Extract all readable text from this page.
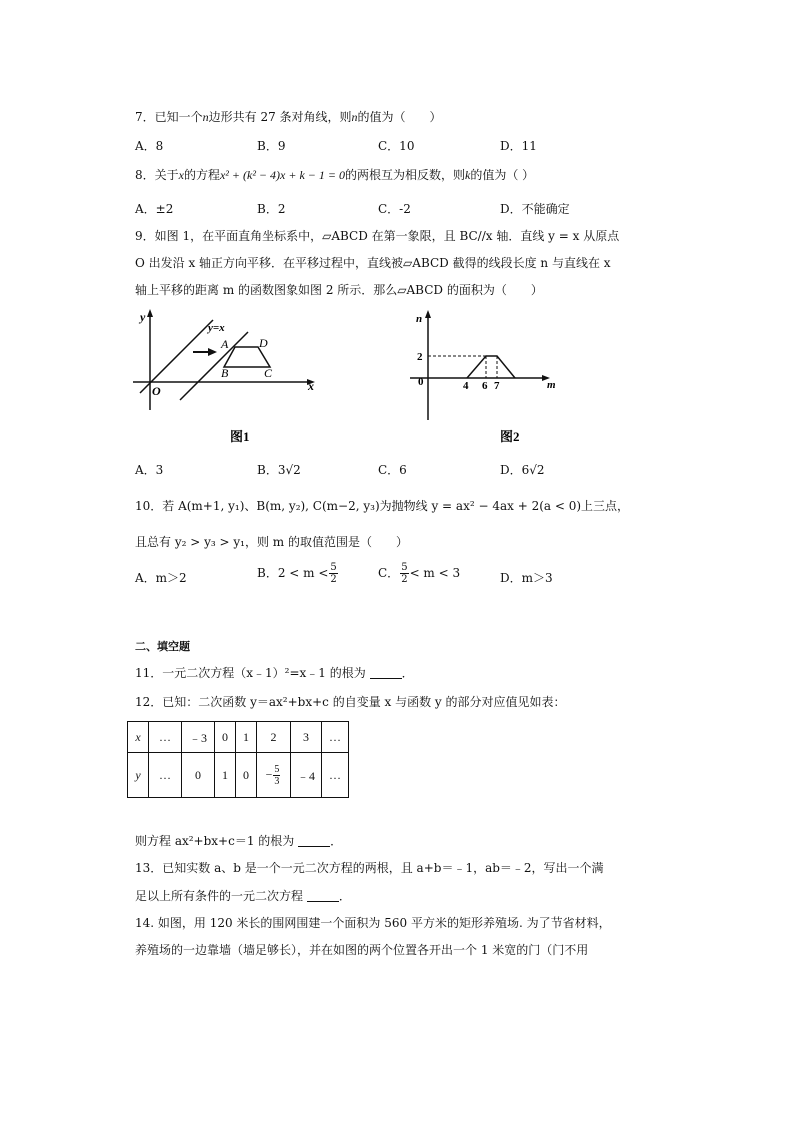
7．已知一个n边形共有 27 条对角线，则n的值为（　　）
A．8	B．9	C．10	D．11
8．关于x的方程x² + (k² − 4)x + k − 1 = 0的两根互为相反数，则k的值为（ ）
A．±2	B．2	C．-2	D．不能确定
9．如图 1，在平面直角坐标系中，▱ABCD 在第一象限，且 BC//x 轴．直线 y = x 从原点
O 出发沿 x 轴正方向平移．在平移过程中，直线被▱ABCD 截得的线段长度 n 与直线在 x
轴上平移的距离 m 的函数图象如图 2 所示．那么▱ABCD 的面积为（　　）
y
x
O
y=x
A
B	C
D
图1
n
m
0
2
4 6 7
图2
A．3	B．3√2	C．6	D．6√2
10．若 A(m+1, y₁)、B(m, y₂), C(m−2, y₃)为抛物线 y = ax² − 4ax + 2(a < 0)上三点，
且总有 y₂ > y₃ > y₁，则 m 的取值范围是（　　）
A．m＞2	B．$2 < m < \frac{5}{2}$	C． $\frac{5}{2} < m < 3$	D．m＞3
二、填空题
11．一元二次方程（x﹣1）²=x﹣1 的根为	．
12．已知：二次函数 y＝ax²+bx+c 的自变量 x 与函数 y 的部分对应值见如表：
x	…	﹣3	0	1	2	3	…
y	…	0	1	0	− $\frac{5}{3}$	﹣4	…
则方程 ax²+bx+c＝1 的根为	．
13．已知实数 a、b 是一个一元二次方程的两根，且 a+b＝﹣1，ab＝﹣2，写出一个满
足以上所有条件的一元二次方程	．
14. 如图，用 120 米长的围网围建一个面积为 560 平方米的矩形养殖场. 为了节省材料，
养殖场的一边靠墙（墙足够长），并在如图的两个位置各开出一个 1 米宽的门（门不用
